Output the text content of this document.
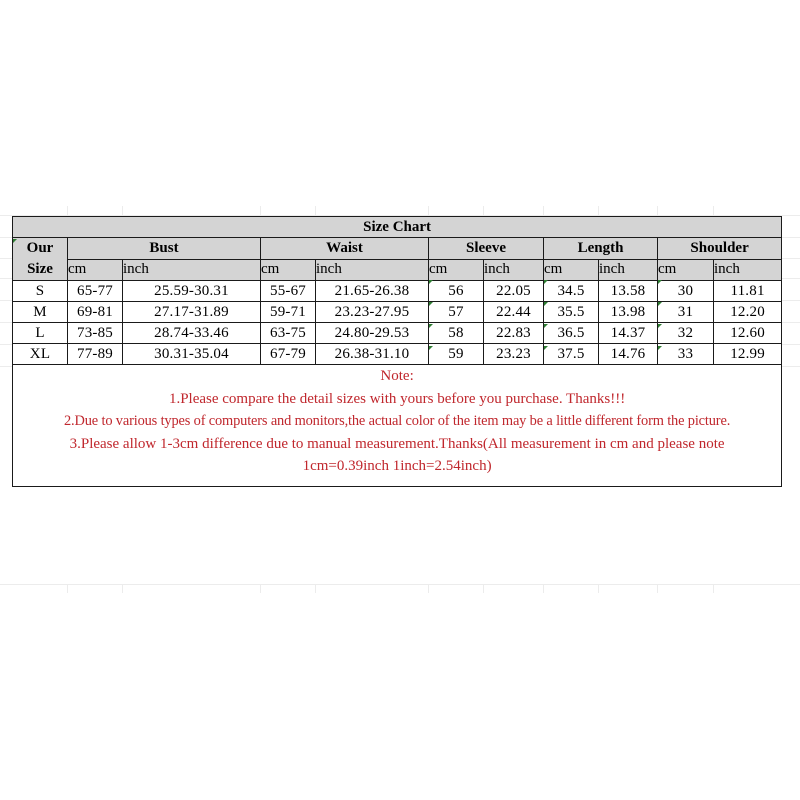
Size Chart										

Our
Size	Bust		Waist		Sleeve		Length		Shoulder	
	cm	inch	cm	inch	cm	inch	cm	inch	cm	inch
S	65-77	25.59-30.31	55-67	21.65-26.38	56	22.05	34.5	13.58	30	11.81
M	69-81	27.17-31.89	59-71	23.23-27.95	57	22.44	35.5	13.98	31	12.20
L	73-85	28.74-33.46	63-75	24.80-29.53	58	22.83	36.5	14.37	32	12.60
XL	77-89	30.31-35.04	67-79	26.38-31.10	59	23.23	37.5	14.76	33	12.99

Note:
1.Please compare the detail sizes with yours before you purchase. Thanks!!!
2.Due to various types of computers and monitors,the actual color of the item may be a little different form the picture.
3.Please allow 1-3cm difference due to manual measurement.Thanks(All measurement in cm and please note
1cm=0.39inch 1inch=2.54inch)										
